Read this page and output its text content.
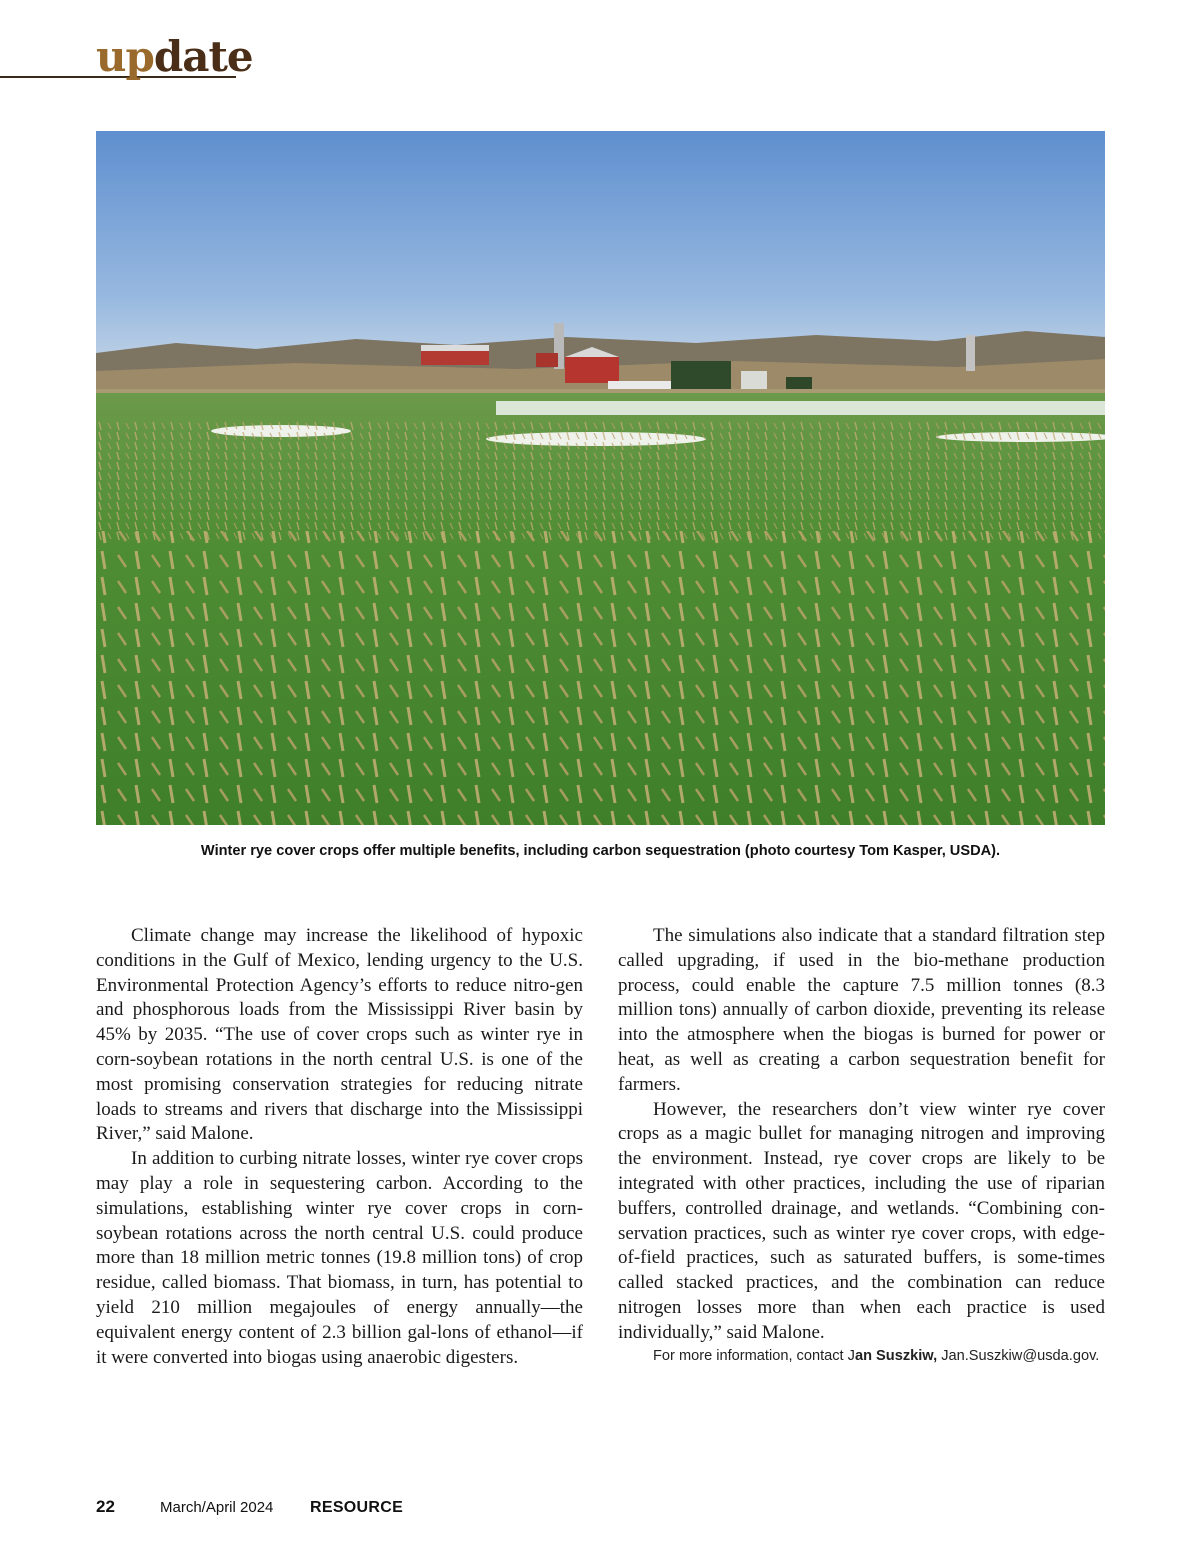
update
Winter rye cover crops offer multiple benefits, including carbon sequestration (photo courtesy Tom Kasper, USDA).

Climate change may increase the likelihood of hypoxic conditions in the Gulf of Mexico, lending urgency to the U.S. Environmental Protection Agency’s efforts to reduce nitro-gen and phosphorous loads from the Mississippi River basin by 45% by 2035. “The use of cover crops such as winter rye in corn-soybean rotations in the north central U.S. is one of the most promising conservation strategies for reducing nitrate loads to streams and rivers that discharge into the Mississippi River,” said Malone.

In addition to curbing nitrate losses, winter rye cover crops may play a role in sequestering carbon. According to the simulations, establishing winter rye cover crops in corn-soybean rotations across the north central U.S. could produce more than 18 million metric tonnes (19.8 million tons) of crop residue, called biomass. That biomass, in turn, has potential to yield 210 million megajoules of energy annually—the equivalent energy content of 2.3 billion gal-lons of ethanol—if it were converted into biogas using anaerobic digesters.

The simulations also indicate that a standard filtration step called upgrading, if used in the bio-methane production process, could enable the capture 7.5 million tonnes (8.3 million tons) annually of carbon dioxide, preventing its release into the atmosphere when the biogas is burned for power or heat, as well as creating a carbon sequestration benefit for farmers.

However, the researchers don’t view winter rye cover crops as a magic bullet for managing nitrogen and improving the environment. Instead, rye cover crops are likely to be integrated with other practices, including the use of riparian buffers, controlled drainage, and wetlands. “Combining con-servation practices, such as winter rye cover crops, with edge-of-field practices, such as saturated buffers, is some-times called stacked practices, and the combination can reduce nitrogen losses more than when each practice is used individually,” said Malone.

For more information, contact Jan Suszkiw, Jan.Suszkiw@usda.gov.

22	March/April 2024	RESOURCE
